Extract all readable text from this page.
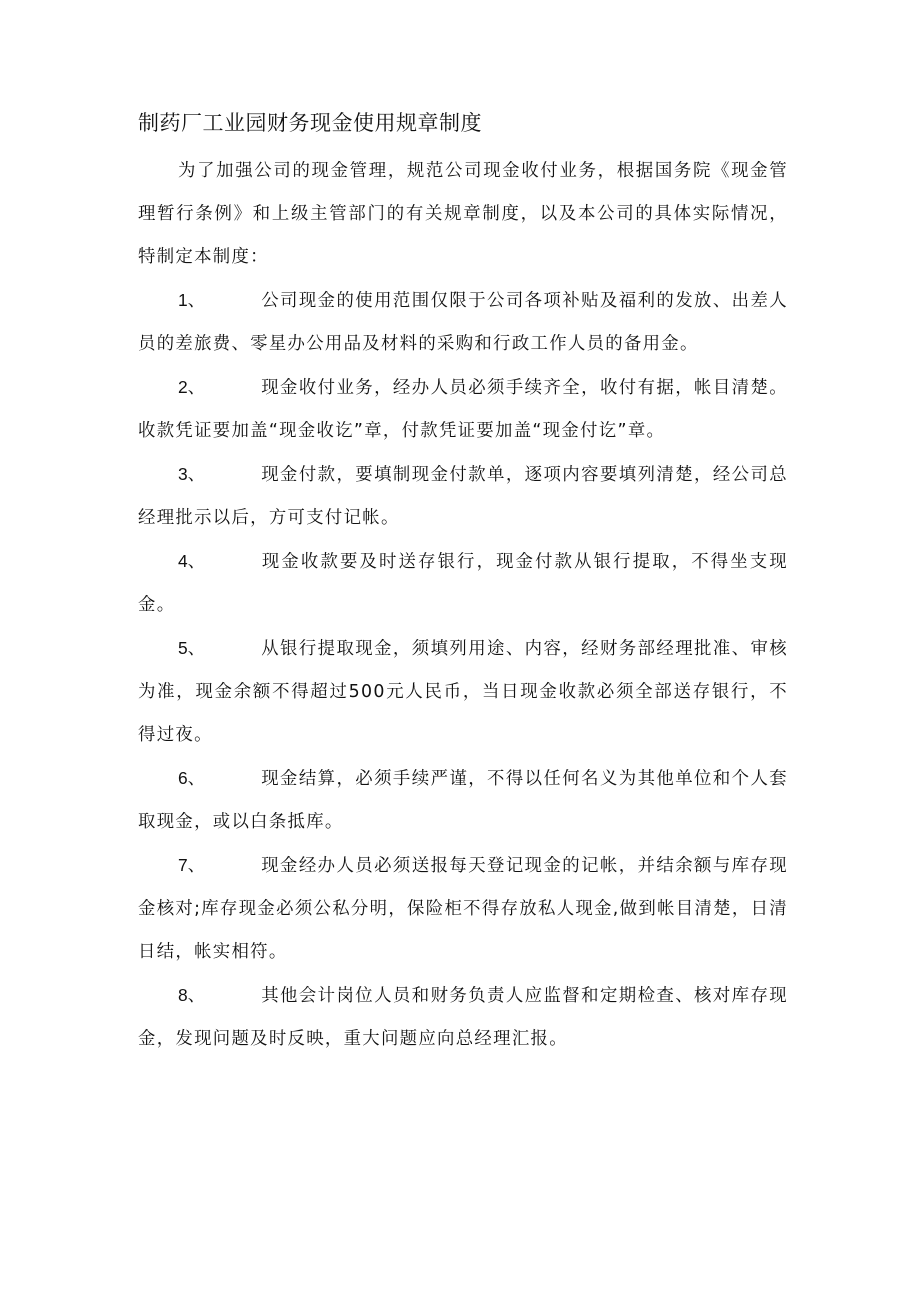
制药厂工业园财务现金使用规章制度

为了加强公司的现金管理，规范公司现金收付业务，根据国务院《现金管理暂行条例》和上级主管部门的有关规章制度，以及本公司的具体实际情况，特制定本制度：

1、	公司现金的使用范围仅限于公司各项补贴及福利的发放、出差人员的差旅费、零星办公用品及材料的采购和行政工作人员的备用金。

2、	现金收付业务，经办人员必须手续齐全，收付有据，帐目清楚。收款凭证要加盖“现金收讫”章，付款凭证要加盖“现金付讫”章。

3、	现金付款，要填制现金付款单，逐项内容要填列清楚，经公司总经理批示以后，方可支付记帐。

4、	现金收款要及时送存银行，现金付款从银行提取，不得坐支现金。

5、	从银行提取现金，须填列用途、内容，经财务部经理批准、审核为准，现金余额不得超过500元人民币，当日现金收款必须全部送存银行，不得过夜。

6、	现金结算，必须手续严谨，不得以任何名义为其他单位和个人套取现金，或以白条抵库。

7、	现金经办人员必须送报每天登记现金的记帐，并结余额与库存现金核对;库存现金必须公私分明，保险柜不得存放私人现金,做到帐目清楚，日清日结，帐实相符。

8、	其他会计岗位人员和财务负责人应监督和定期检查、核对库存现金，发现问题及时反映，重大问题应向总经理汇报。
